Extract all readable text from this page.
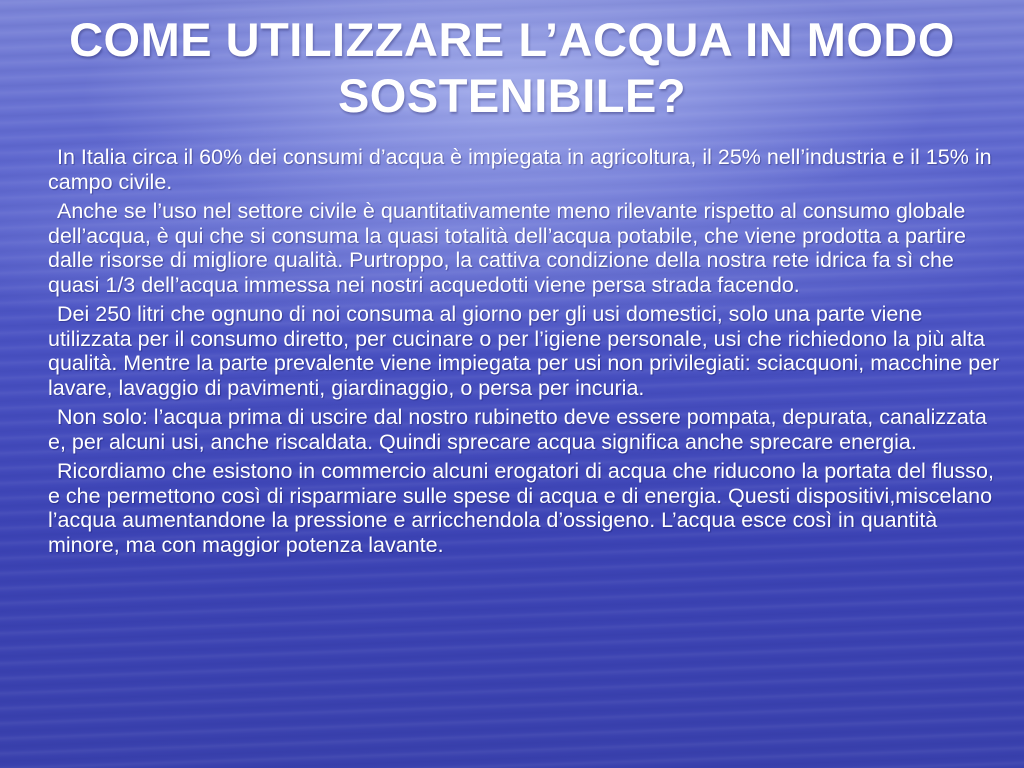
COME UTILIZZARE L’ACQUA IN MODO SOSTENIBILE?

In Italia circa il 60% dei consumi d’acqua è impiegata in agricoltura, il 25% nell’industria e il 15% in campo civile.

Anche se l’uso nel settore civile è quantitativamente meno rilevante rispetto al consumo globale dell’acqua, è qui che si consuma la quasi totalità dell’acqua potabile, che viene prodotta a partire dalle risorse di migliore qualità. Purtroppo, la cattiva condizione della nostra rete idrica fa sì che quasi 1/3 dell’acqua immessa nei nostri acquedotti viene persa strada facendo.

Dei 250 litri che ognuno di noi consuma al giorno per gli usi domestici, solo una parte viene utilizzata per il consumo diretto, per cucinare o per l’igiene personale, usi che richiedono la più alta qualità. Mentre la parte prevalente viene impiegata per usi non privilegiati: sciacquoni, macchine per lavare, lavaggio di pavimenti, giardinaggio, o persa per incuria.

Non solo: l’acqua prima di uscire dal nostro rubinetto deve essere pompata, depurata, canalizzata e, per alcuni usi, anche riscaldata. Quindi sprecare acqua significa anche sprecare energia.

Ricordiamo che esistono in commercio alcuni erogatori di acqua che riducono la portata del flusso, e che permettono così di risparmiare sulle spese di acqua e di energia. Questi dispositivi,miscelano l’acqua aumentandone la pressione e arricchendola d’ossigeno. L’acqua esce così in quantità minore, ma con maggior potenza lavante.
